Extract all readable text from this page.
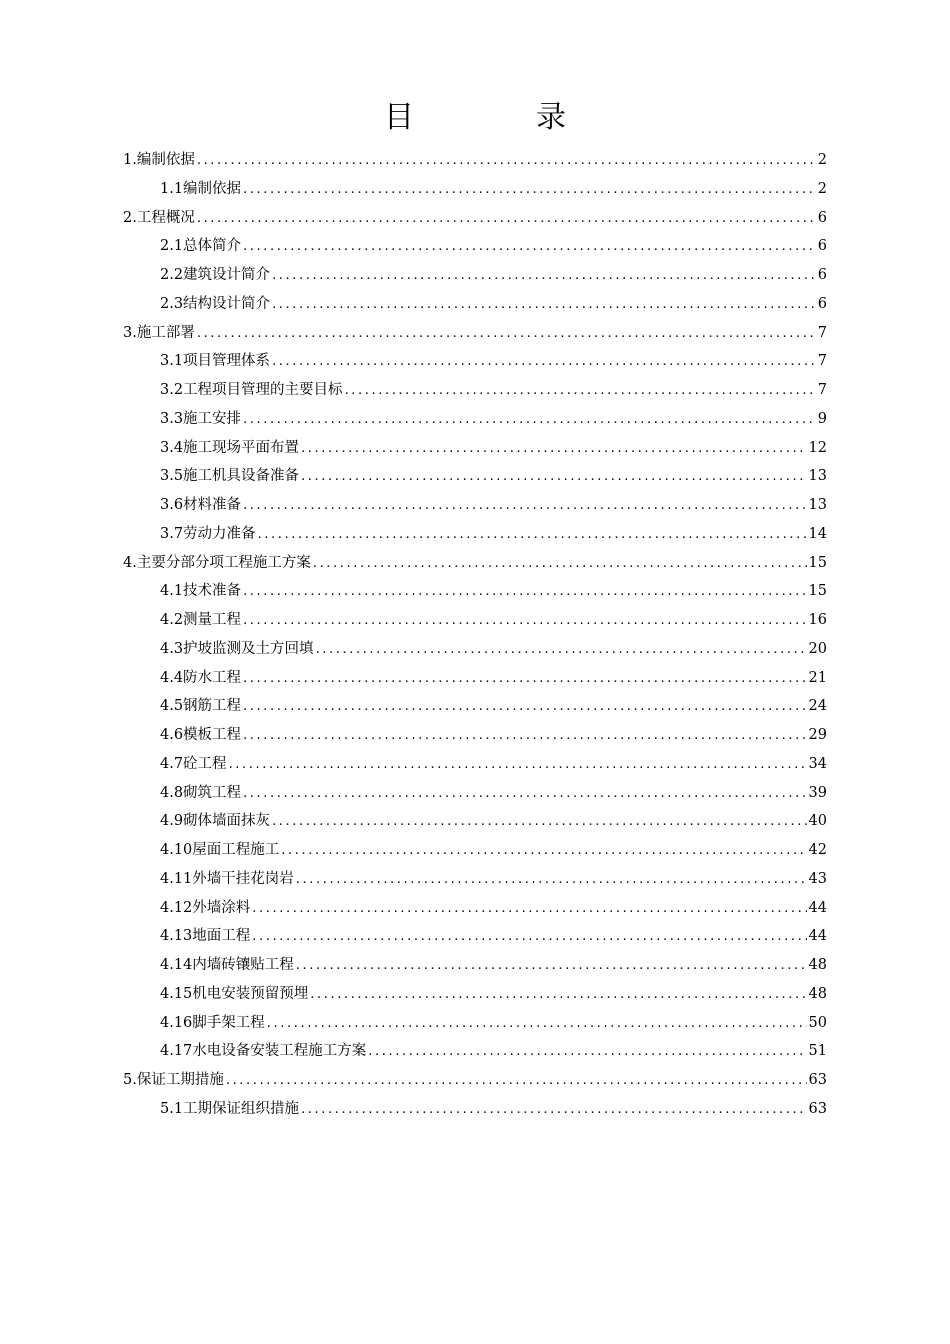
目	录
1.编制依据 .....	2
1.1编制依据 .....	2
2.工程概况 .....	6
2.1总体简介 .....	6
2.2建筑设计简介 .....	6
2.3结构设计简介 .....	6
3.施工部署 .....	7
3.1项目管理体系 .....	7
3.2工程项目管理的主要目标 .....	7
3.3施工安排 .....	9
3.4施工现场平面布置 .....	12
3.5施工机具设备准备 .....	13
3.6材料准备 .....	13
3.7劳动力准备 .....	14
4.主要分部分项工程施工方案 .....	15
4.1技术准备 .....	15
4.2测量工程 .....	16
4.3护坡监测及土方回填 .....	20
4.4防水工程 .....	21
4.5钢筋工程 .....	24
4.6模板工程 .....	29
4.7砼工程 .....	34
4.8砌筑工程 .....	39
4.9砌体墙面抹灰 .....	40
4.10屋面工程施工 .....	42
4.11外墙干挂花岗岩 .....	43
4.12外墙涂料 .....	44
4.13地面工程 .....	44
4.14内墙砖镶贴工程 .....	48
4.15机电安装预留预埋 .....	48
4.16脚手架工程 .....	50
4.17水电设备安装工程施工方案 .....	51
5.保证工期措施 .....	63
5.1工期保证组织措施 .....	63
